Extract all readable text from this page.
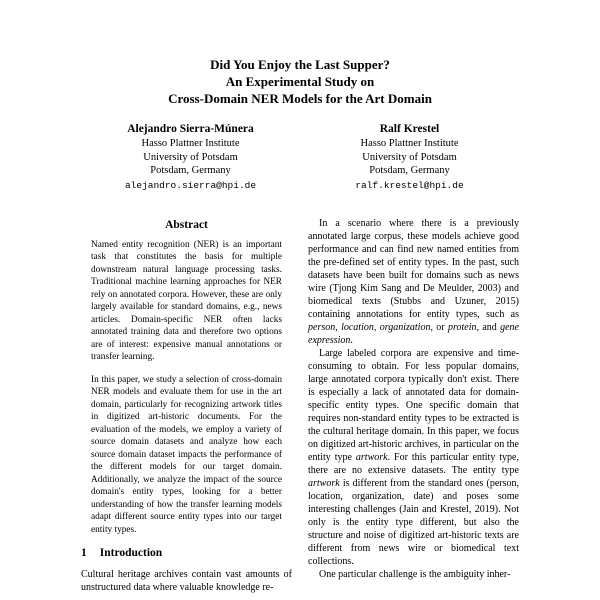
Did You Enjoy the Last Supper?
An Experimental Study on
Cross-Domain NER Models for the Art Domain
Alejandro Sierra-Múnera
Hasso Plattner Institute
University of Potsdam
Potsdam, Germany
alejandro.sierra@hpi.de
Ralf Krestel
Hasso Plattner Institute
University of Potsdam
Potsdam, Germany
ralf.krestel@hpi.de
Abstract

Named entity recognition (NER) is an important task that constitutes the basis for multiple downstream natural language processing tasks. Traditional machine learning approaches for NER rely on annotated corpora. However, these are only largely available for standard domains, e.g., news articles. Domain-specific NER often lacks annotated training data and therefore two options are of interest: expensive manual annotations or transfer learning.

In this paper, we study a selection of cross-domain NER models and evaluate them for use in the art domain, particularly for recognizing artwork titles in digitized art-historic documents. For the evaluation of the models, we employ a variety of source domain datasets and analyze how each source domain dataset impacts the performance of the different models for our target domain. Additionally, we analyze the impact of the source domain's entity types, looking for a better understanding of how the transfer learning models adapt different source entity types into our target entity types.

1 Introduction

Cultural heritage archives contain vast amounts of unstructured data where valuable knowledge re-

In a scenario where there is a previously annotated large corpus, these models achieve good performance and can find new named entities from the pre-defined set of entity types. In the past, such datasets have been built for domains such as news wire (Tjong Kim Sang and De Meulder, 2003) and biomedical texts (Stubbs and Uzuner, 2015) containing annotations for entity types, such as person, location, organization, or protein, and gene expression.

Large labeled corpora are expensive and time-consuming to obtain. For less popular domains, large annotated corpora typically don't exist. There is especially a lack of annotated data for domain-specific entity types. One specific domain that requires non-standard entity types to be extracted is the cultural heritage domain. In this paper, we focus on digitized art-historic archives, in particular on the entity type artwork. For this particular entity type, there are no extensive datasets. The entity type artwork is different from the standard ones (person, location, organization, date) and poses some interesting challenges (Jain and Krestel, 2019). Not only is the entity type different, but also the structure and noise of digitized art-historic texts are different from news wire or biomedical text collections.

One particular challenge is the ambiguity inher-
